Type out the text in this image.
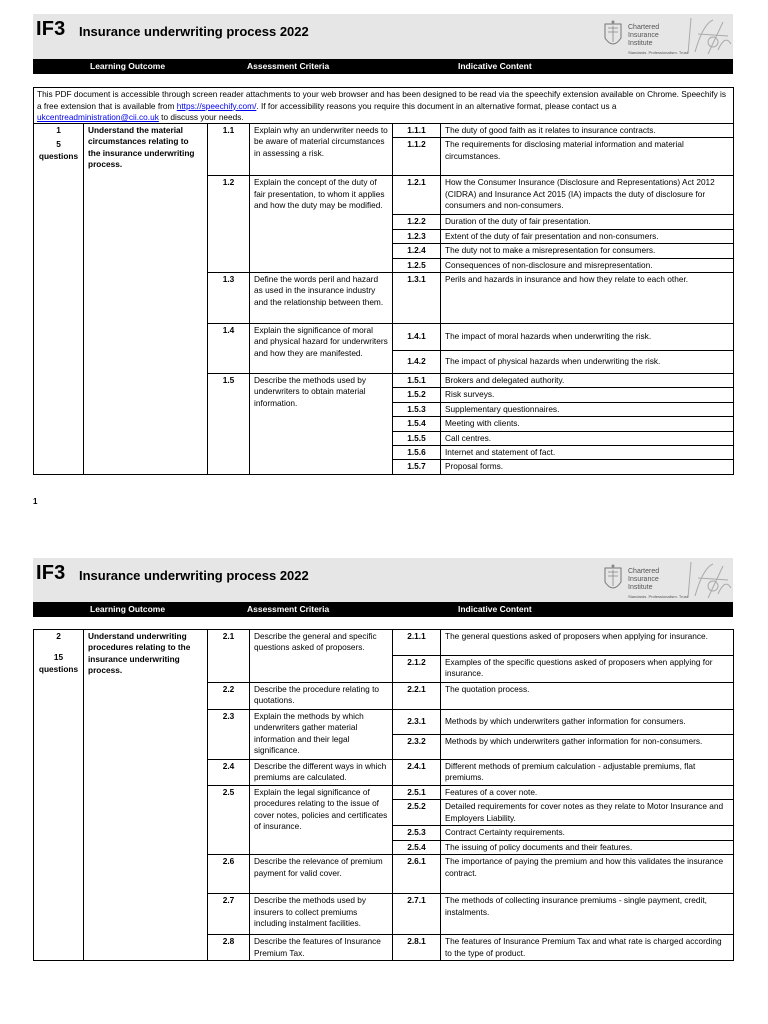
IF3 Insurance underwriting process 2022	Chartered
Insurance
Institute
Standards. Professionalism. Trust
Learning Outcome	Assessment Criteria	Indicative Content
This PDF document is accessible through screen reader attachments to your web browser and has been designed to be read via the speechify extension available on Chrome. Speechify is a free extension that is available from https://speechify.com/. If for accessibility reasons you require this document in an alternative format, please contact us a ukcentreadministration@cii.co.uk to discuss your needs.
1
5
questions	Understand the material circumstances relating to the insurance underwriting process.	1.1	Explain why an underwriter needs to be aware of material circumstances in assessing a risk.	1.1.1	The duty of good faith as it relates to insurance contracts.
				1.1.2	The requirements for disclosing material information and material circumstances.
		1.2	Explain the concept of the duty of fair presentation, to whom it applies and how the duty may be modified.	1.2.1	How the Consumer Insurance (Disclosure and Representations) Act 2012 (CIDRA) and Insurance Act 2015 (IA) impacts the duty of disclosure for consumers and non-consumers.
				1.2.2	Duration of the duty of fair presentation.
				1.2.3	Extent of the duty of fair presentation and non-consumers.
				1.2.4	The duty not to make a misrepresentation for consumers.
				1.2.5	Consequences of non-disclosure and misrepresentation.
		1.3	Define the words peril and hazard as used in the insurance industry and the relationship between them.	1.3.1	Perils and hazards in insurance and how they relate to each other.
		1.4	Explain the significance of moral and physical hazard for underwriters and how they are manifested.	1.4.1	The impact of moral hazards when underwriting the risk.
				1.4.2	The impact of physical hazards when underwriting the risk.
		1.5	Describe the methods used by underwriters to obtain material information.	1.5.1	Brokers and delegated authority.
				1.5.2	Risk surveys.
				1.5.3	Supplementary questionnaires.
				1.5.4	Meeting with clients.
				1.5.5	Call centres.
				1.5.6	Internet and statement of fact.
				1.5.7	Proposal forms.
1
IF3 Insurance underwriting process 2022	Chartered
Insurance
Institute
Standards. Professionalism. Trust
Learning Outcome	Assessment Criteria	Indicative Content
2
15
questions	Understand underwriting procedures relating to the insurance underwriting process.	2.1	Describe the general and specific questions asked of proposers.	2.1.1	The general questions asked of proposers when applying for insurance.
				2.1.2	Examples of the specific questions asked of proposers when applying for insurance.
		2.2	Describe the procedure relating to quotations.	2.2.1	The quotation process.
		2.3	Explain the methods by which underwriters gather material information and their legal significance.	2.3.1	Methods by which underwriters gather information for consumers.
				2.3.2	Methods by which underwriters gather information for non-consumers.
		2.4	Describe the different ways in which premiums are calculated.	2.4.1	Different methods of premium calculation - adjustable premiums, flat premiums.
		2.5	Explain the legal significance of procedures relating to the issue of cover notes, policies and certificates of insurance.	2.5.1	Features of a cover note.
				2.5.2	Detailed requirements for cover notes as they relate to Motor Insurance and Employers Liability.
				2.5.3	Contract Certainty requirements.
				2.5.4	The issuing of policy documents and their features.
		2.6	Describe the relevance of premium payment for valid cover.	2.6.1	The importance of paying the premium and how this validates the insurance contract.
		2.7	Describe the methods used by insurers to collect premiums including instalment facilities.	2.7.1	The methods of collecting insurance premiums - single payment, credit, instalments.
		2.8	Describe the features of Insurance Premium Tax.	2.8.1	The features of Insurance Premium Tax and what rate is charged according to the type of product.
